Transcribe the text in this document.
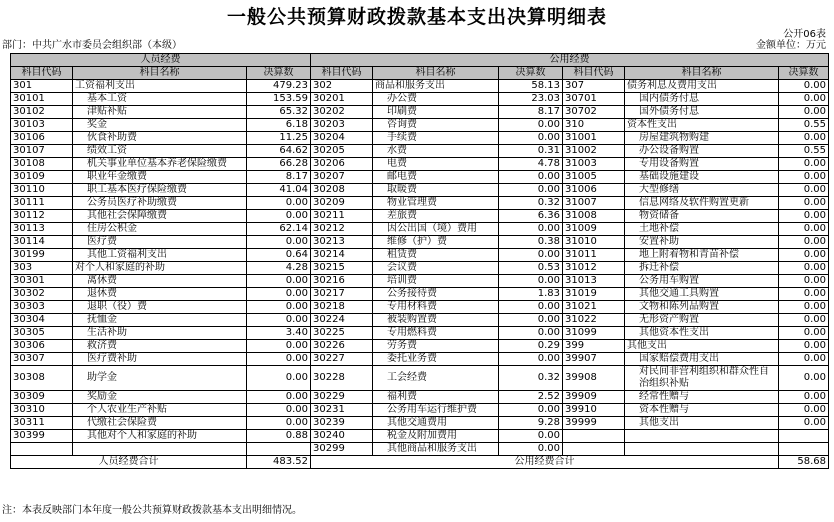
一般公共预算财政拨款基本支出决算明细表
公开06表
部门：中共广水市委员会组织部（本级）	金额单位：万元
人员经费			公用经费					
科目代码	科目名称	决算数	科目代码	科目名称	决算数	科目代码	科目名称	决算数
301	工资福利支出	479.23	302	商品和服务支出	58.13	307	债务利息及费用支出	0.00
30101	基本工资	153.59	30201	办公费	23.03	30701	国内债务付息	0.00
30102	津贴补贴	65.32	30202	印刷费	8.17	30702	国外债务付息	0.00
30103	奖金	6.18	30203	咨询费	0.00	310	资本性支出	0.55
30106	伙食补助费	11.25	30204	手续费	0.00	31001	房屋建筑物购建	0.00
30107	绩效工资	64.62	30205	水费	0.31	31002	办公设备购置	0.55
30108	机关事业单位基本养老保险缴费	66.28	30206	电费	4.78	31003	专用设备购置	0.00
30109	职业年金缴费	8.17	30207	邮电费	0.00	31005	基础设施建设	0.00
30110	职工基本医疗保险缴费	41.04	30208	取暖费	0.00	31006	大型修缮	0.00
30111	公务员医疗补助缴费	0.00	30209	物业管理费	0.32	31007	信息网络及软件购置更新	0.00
30112	其他社会保障缴费	0.00	30211	差旅费	6.36	31008	物资储备	0.00
30113	住房公积金	62.14	30212	因公出国（境）费用	0.00	31009	土地补偿	0.00
30114	医疗费	0.00	30213	维修（护）费	0.38	31010	安置补助	0.00
30199	其他工资福利支出	0.64	30214	租赁费	0.00	31011	地上附着物和青苗补偿	0.00
303	对个人和家庭的补助	4.28	30215	会议费	0.53	31012	拆迁补偿	0.00
30301	离休费	0.00	30216	培训费	0.00	31013	公务用车购置	0.00
30302	退休费	0.00	30217	公务接待费	1.83	31019	其他交通工具购置	0.00
30303	退职（役）费	0.00	30218	专用材料费	0.00	31021	文物和陈列品购置	0.00
30304	抚恤金	0.00	30224	被装购置费	0.00	31022	无形资产购置	0.00
30305	生活补助	3.40	30225	专用燃料费	0.00	31099	其他资本性支出	0.00
30306	救济费	0.00	30226	劳务费	0.29	399	其他支出	0.00
30307	医疗费补助	0.00	30227	委托业务费	0.00	39907	国家赔偿费用支出	0.00
30308	助学金	0.00	30228	工会经费	0.32	39908	对民间非营利组织和群众性自治组织补贴	0.00
30309	奖励金	0.00	30229	福利费	2.52	39909	经常性赠与	0.00
30310	个人农业生产补贴	0.00	30231	公务用车运行维护费	0.00	39910	资本性赠与	0.00
30311	代缴社会保险费	0.00	30239	其他交通费用	9.28	39999	其他支出	0.00
30399	其他对个人和家庭的补助	0.88	30240	税金及附加费用	0.00			
			30299	其他商品和服务支出	0.00			
人员经费合计		483.52	公用经费合计					58.68
注：本表反映部门本年度一般公共预算财政拨款基本支出明细情况。
